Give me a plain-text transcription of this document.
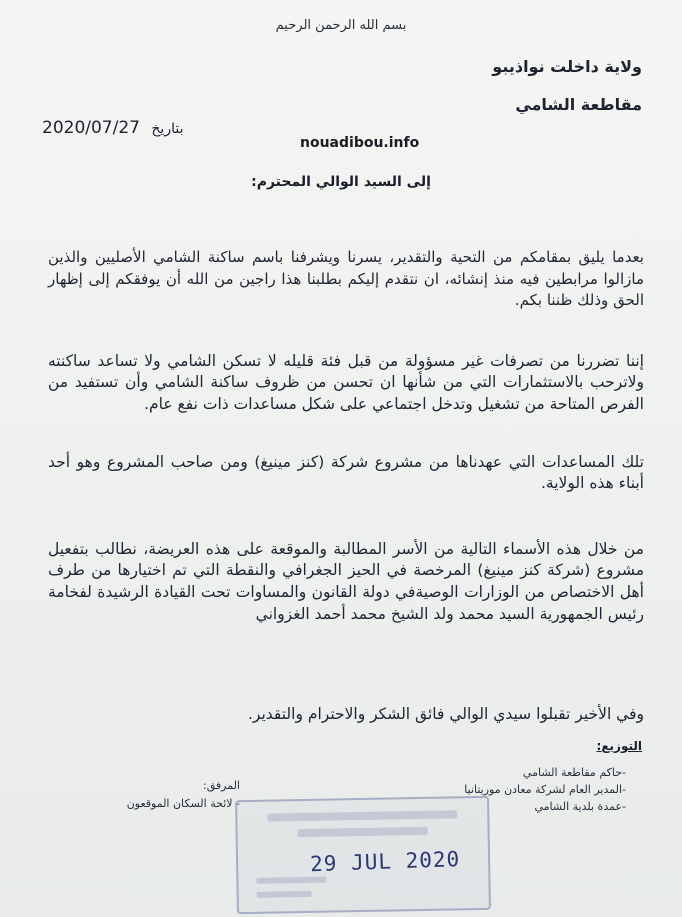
بسم الله الرحمن الرحيم
ولاية داخلت نواذيبو
مقاطعة الشامي
2020/07/27 بتاريخ
nouadibou.info
إلى السيد الوالي المحترم:

بعدما يليق بمقامكم من التحية والتقدير، يسرنا ويشرفنا باسم ساكنة الشامي الأصليين والذين مازالوا مرابطين فيه منذ إنشائه، ان نتقدم إليكم بطلبنا هذا راجين من الله أن يوفقكم إلى إظهار الحق وذلك ظننا بكم.

إننا تضررنا من تصرفات غير مسؤولة من قبل فئة قليله لا تسكن الشامي ولا تساعد ساكنته ولاترحب بالاستثمارات التي من شأنها ان تحسن من ظروف ساكنة الشامي وأن تستفيد من الفرص المتاحة من تشغيل وتدخل اجتماعي على شكل مساعدات ذات نفع عام.

تلك المساعدات التي عهدناها من مشروع شركة (كنز مينيغ) ومن صاحب المشروع وهو أحد أبناء هذه الولاية.

من خلال هذه الأسماء التالية من الأسر المطالبة والموقعة على هذه العريضة، نطالب بتفعيل مشروع (شركة كنز مينيغ) المرخصة في الحيز الجغرافي والنقطة التي تم اختيارها من طرف أهل الاختصاص من الوزارات الوصيةفي دولة القانون والمساوات تحت القيادة الرشيدة لفخامة رئيس الجمهورية السيد محمد ولد الشيخ محمد أحمد الغزواني

وفي الأخير تقبلوا سيدي الوالي فائق الشكر والاحترام والتقدير.

التوزيع:
-حاكم مقاطعة الشامي
-المدير العام لشركة معادن موريتانيا
-عمدة بلدية الشامي
المرفق:
- لائحة السكان الموقعون
29 JUL 2020
